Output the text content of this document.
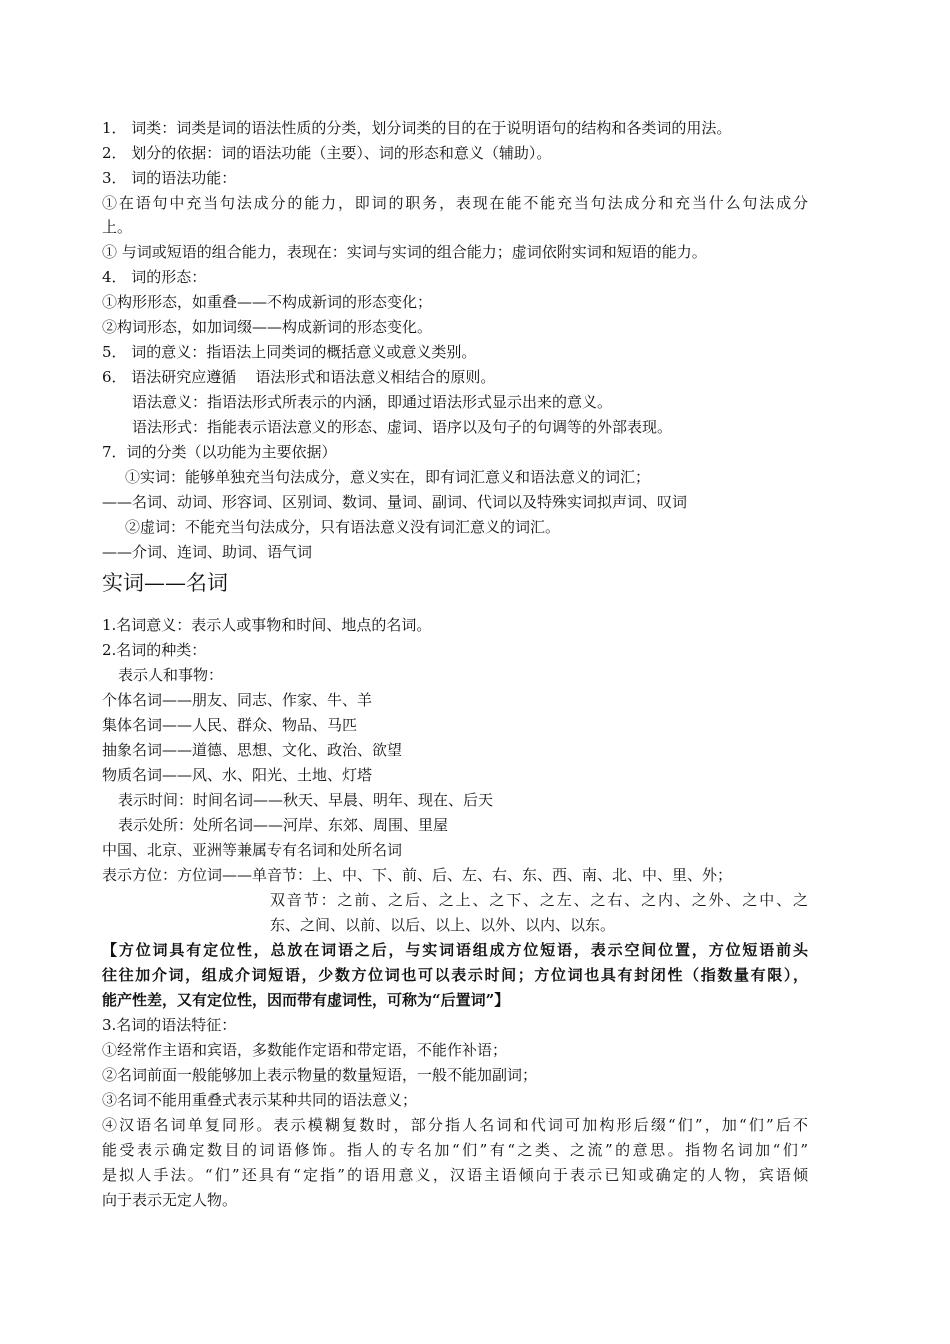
1． 词类：词类是词的语法性质的分类，划分词类的目的在于说明语句的结构和各类词的用法。
2． 划分的依据：词的语法功能（主要）、词的形态和意义（辅助）。
3． 词的语法功能：
①在语句中充当句法成分的能力，即词的职务，表现在能不能充当句法成分和充当什么句法成分
上。
① 与词或短语的组合能力，表现在：实词与实词的组合能力；虚词依附实词和短语的能力。
4． 词的形态：
①构形形态，如重叠——不构成新词的形态变化；
②构词形态，如加词缀——构成新词的形态变化。
5． 词的意义：指语法上同类词的概括意义或意义类别。
6． 语法研究应遵循    语法形式和语法意义相结合的原则。
语法意义：指语法形式所表示的内涵，即通过语法形式显示出来的意义。
语法形式：指能表示语法意义的形态、虚词、语序以及句子的句调等的外部表现。
7．词的分类（以功能为主要依据）
①实词：能够单独充当句法成分，意义实在，即有词汇意义和语法意义的词汇；
——名词、动词、形容词、区别词、数词、量词、副词、代词以及特殊实词拟声词、叹词
②虚词：不能充当句法成分，只有语法意义没有词汇意义的词汇。
——介词、连词、助词、语气词
实词——名词
1.名词意义：表示人或事物和时间、地点的名词。
2.名词的种类：
表示人和事物：
个体名词——朋友、同志、作家、牛、羊
集体名词——人民、群众、物品、马匹
抽象名词——道德、思想、文化、政治、欲望
物质名词——风、水、阳光、土地、灯塔
表示时间：时间名词——秋天、早晨、明年、现在、后天
表示处所：处所名词——河岸、东郊、周围、里屋
中国、北京、亚洲等兼属专有名词和处所名词
表示方位：方位词——单音节：上、中、下、前、后、左、右、东、西、南、北、中、里、外；
双音节：之前、之后、之上、之下、之左、之右、之内、之外、之中、之
东、之间、以前、以后、以上、以外、以内、以东。
【方位词具有定位性，总放在词语之后，与实词语组成方位短语，表示空间位置，方位短语前头
往往加介词，组成介词短语，少数方位词也可以表示时间；方位词也具有封闭性（指数量有限），
能产性差，又有定位性，因而带有虚词性，可称为“后置词”】
3.名词的语法特征：
①经常作主语和宾语，多数能作定语和带定语，不能作补语；
②名词前面一般能够加上表示物量的数量短语，一般不能加副词；
③名词不能用重叠式表示某种共同的语法意义；
④汉语名词单复同形。表示模糊复数时，部分指人名词和代词可加构形后缀“们”，加“们”后不
能受表示确定数目的词语修饰。指人的专名加“们”有“之类、之流”的意思。指物名词加“们”
是拟人手法。“们”还具有“定指”的语用意义，汉语主语倾向于表示已知或确定的人物，宾语倾
向于表示无定人物。
